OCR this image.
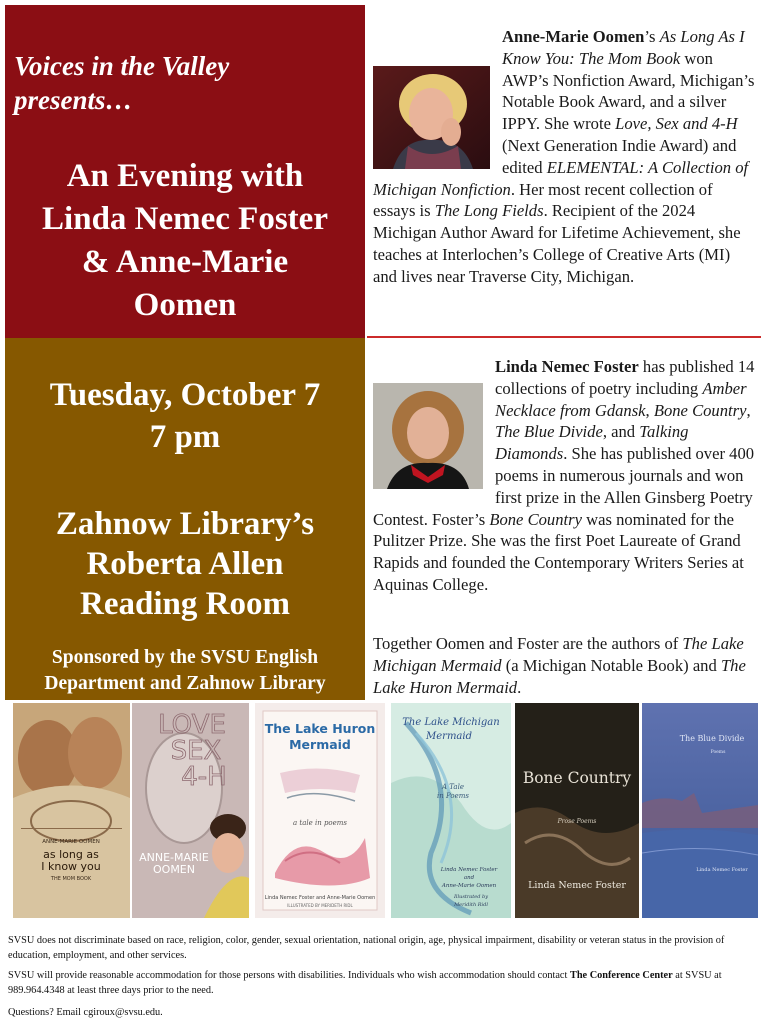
Voices in the Valley
presents…
An Evening with
Linda Nemec Foster
& Anne-Marie
Oomen
Tuesday, October 7
7 pm
Zahnow Library’s
Roberta Allen
Reading Room
Sponsored by the SVSU English
Department and Zahnow Library
Anne-Marie Oomen’s As Long As I Know You: The Mom Book won AWP’s Nonfiction Award, Michigan’s Notable Book Award, and a silver IPPY. She wrote Love, Sex and 4-H (Next Generation Indie Award) and edited ELEMENTAL: A Collection of Michigan Nonfiction. Her most recent collection of essays is The Long Fields. Recipient of the 2024 Michigan Author Award for Lifetime Achievement, she teaches at Interlochen’s College of Creative Arts (MI) and lives near Traverse City, Michigan.
Linda Nemec Foster has published 14 collections of poetry including Amber Necklace from Gdansk, Bone Country, The Blue Divide, and Talking Diamonds. She has published over 400 poems in numerous journals and won first prize in the Allen Ginsberg Poetry Contest. Foster’s Bone Country was nominated for the Pulitzer Prize. She was the first Poet Laureate of Grand Rapids and founded the Contemporary Writers Series at Aquinas College.
Together Oomen and Foster are the authors of The Lake Michigan Mermaid (a Michigan Notable Book) and The Lake Huron Mermaid.
ANNE-MARIE OOMEN
as long as
I know you
THE MOM BOOK
LOVE
SEX
4-H
ANNE-MARIE
OOMEN
The Lake Huron
Mermaid
a tale in poems
Linda Nemec Foster and Anne-Marie Oomen
ILLUSTRATED BY MERIDETH RIDL
The Lake Michigan
Mermaid
A Tale
in Poems
Linda Nemec Foster
and
Anne-Marie Oomen
Illustrated by
Meridith Ridl
Bone Country
Prose Poems
Linda Nemec Foster
The Blue Divide
Poems
Linda Nemec Foster
SVSU does not discriminate based on race, religion, color, gender, sexual orientation, national origin, age, physical impairment, disability or veteran status in the provision of education, employment, and other services.
SVSU will provide reasonable accommodation for those persons with disabilities. Individuals who wish accommodation should contact The Conference Center at SVSU at 989.964.4348 at least three days prior to the need.
Questions? Email cgiroux@svsu.edu.
